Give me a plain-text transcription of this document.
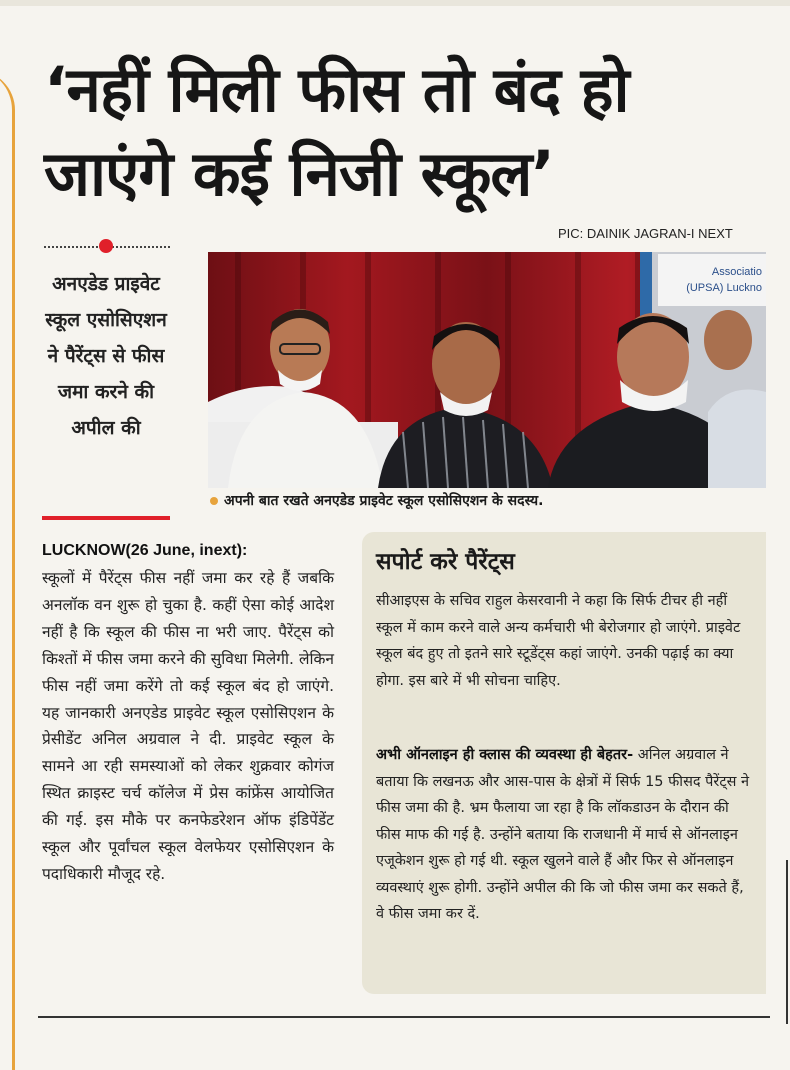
‘नहीं मिली फीस तो बंद हो जाएंगे कई निजी स्कूल’

PIC: DAINIK JAGRAN-I NEXT

अनएडेड प्राइवेट स्कूल एसोसिएशन ने पैरेंट्स से फीस जमा करने की अपील की

Associatio
(UPSA) Luckno
अपनी बात रखते अनएडेड प्राइवेट स्कूल एसोसिएशन के सदस्य.

LUCKNOW(26 June, inext):

स्कूलों में पैरेंट्स फीस नहीं जमा कर रहे हैं जबकि अनलॉक वन शुरू हो चुका है. कहीं ऐसा कोई आदेश नहीं है कि स्कूल की फीस ना भरी जाए. पैरेंट्स को किश्तों में फीस जमा करने की सुविधा मिलेगी. लेकिन फीस नहीं जमा करेंगे तो कई स्कूल बंद हो जाएंगे. यह जानकारी अनएडेड प्राइवेट स्कूल एसोसिएशन के प्रेसीडेंट अनिल अग्रवाल ने दी. प्राइवेट स्कूल के सामने आ रही समस्याओं को लेकर शुक्रवार कोगंज स्थित क्राइस्ट चर्च कॉलेज में प्रेस कांफ्रेंस आयोजित की गई. इस मौके पर कनफेडरेशन ऑफ इंडिपेंडेंट स्कूल और पूर्वांचल स्कूल वेलफेयर एसोसिएशन के पदाधिकारी मौजूद रहे.

सपोर्ट करे पैरेंट्स

सीआइएस के सचिव राहुल केसरवानी ने कहा कि सिर्फ टीचर ही नहीं स्कूल में काम करने वाले अन्य कर्मचारी भी बेरोजगार हो जाएंगे. प्राइवेट स्कूल बंद हुए तो इतने सारे स्टूडेंट्स कहां जाएंगे. उनकी पढ़ाई का क्या होगा. इस बारे में भी सोचना चाहिए.

अभी ऑनलाइन ही क्लास की व्यवस्था ही बेहतर- अनिल अग्रवाल ने बताया कि लखनऊ और आस-पास के क्षेत्रों में सिर्फ 15 फीसद पैरेंट्स ने फीस जमा की है. भ्रम फैलाया जा रहा है कि लॉकडाउन के दौरान की फीस माफ की गई है. उन्होंने बताया कि राजधानी में मार्च से ऑनलाइन एजूकेशन शुरू हो गई थी. स्कूल खुलने वाले हैं और फिर से ऑनलाइन व्यवस्थाएं शुरू होगी. उन्होंने अपील की कि जो फीस जमा कर सकते हैं, वे फीस जमा कर दें.
